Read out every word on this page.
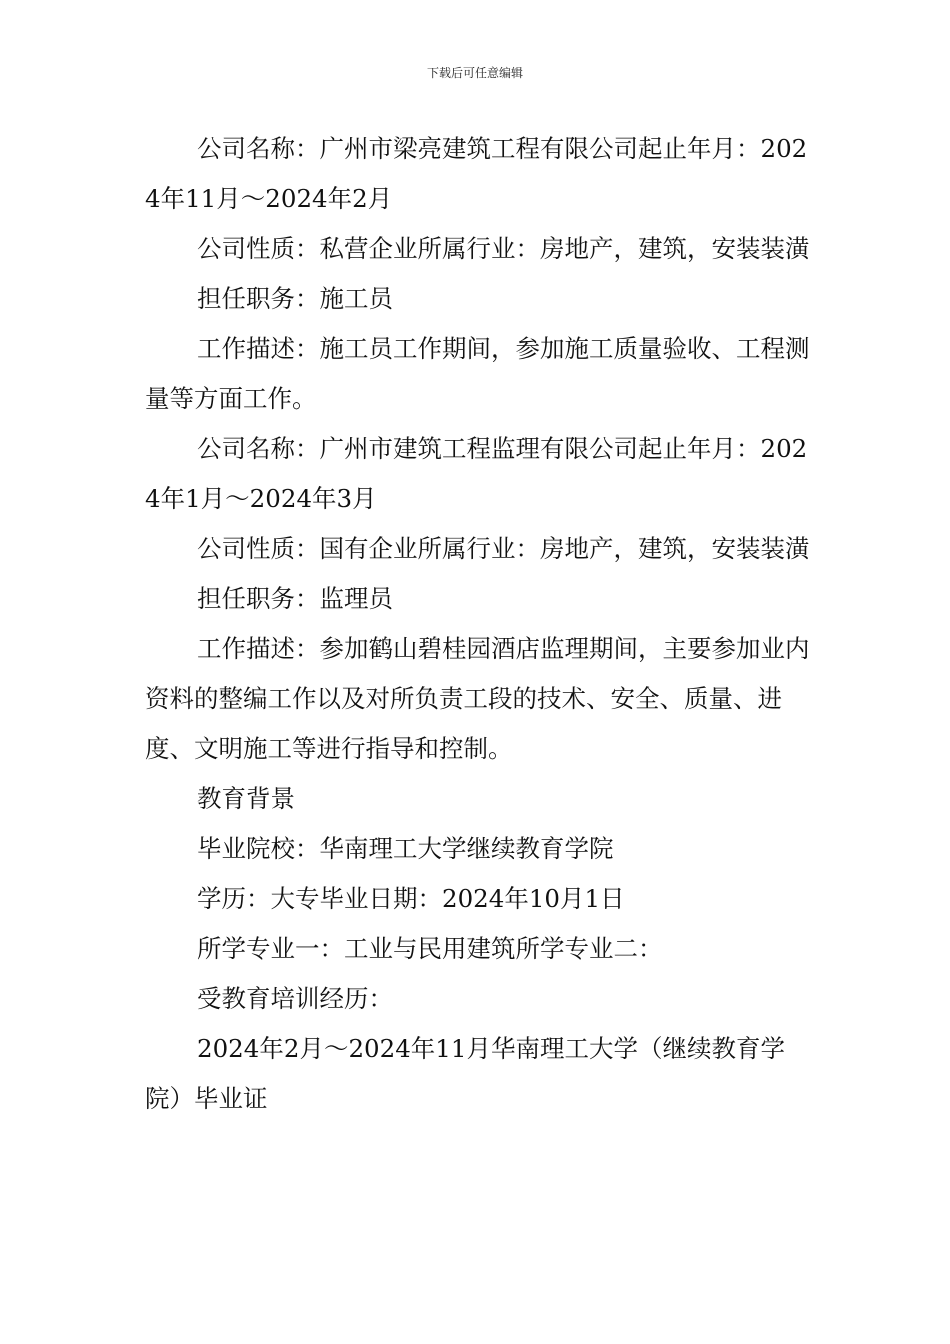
下载后可任意编辑

公司名称：广州市梁亮建筑工程有限公司起止年月：2024年11月～2024年2月

公司性质：私营企业所属行业：房地产，建筑，安装装潢

担任职务：施工员

工作描述：施工员工作期间，参加施工质量验收、工程测量等方面工作。

公司名称：广州市建筑工程监理有限公司起止年月：2024年1月～2024年3月

公司性质：国有企业所属行业：房地产，建筑，安装装潢

担任职务：监理员

工作描述：参加鹤山碧桂园酒店监理期间，主要参加业内资料的整编工作以及对所负责工段的技术、安全、质量、进度、文明施工等进行指导和控制。

教育背景

毕业院校：华南理工大学继续教育学院

学历：大专毕业日期：2024年10月1日

所学专业一：工业与民用建筑所学专业二：

受教育培训经历：

2024年2月～2024年11月华南理工大学（继续教育学院）毕业证
